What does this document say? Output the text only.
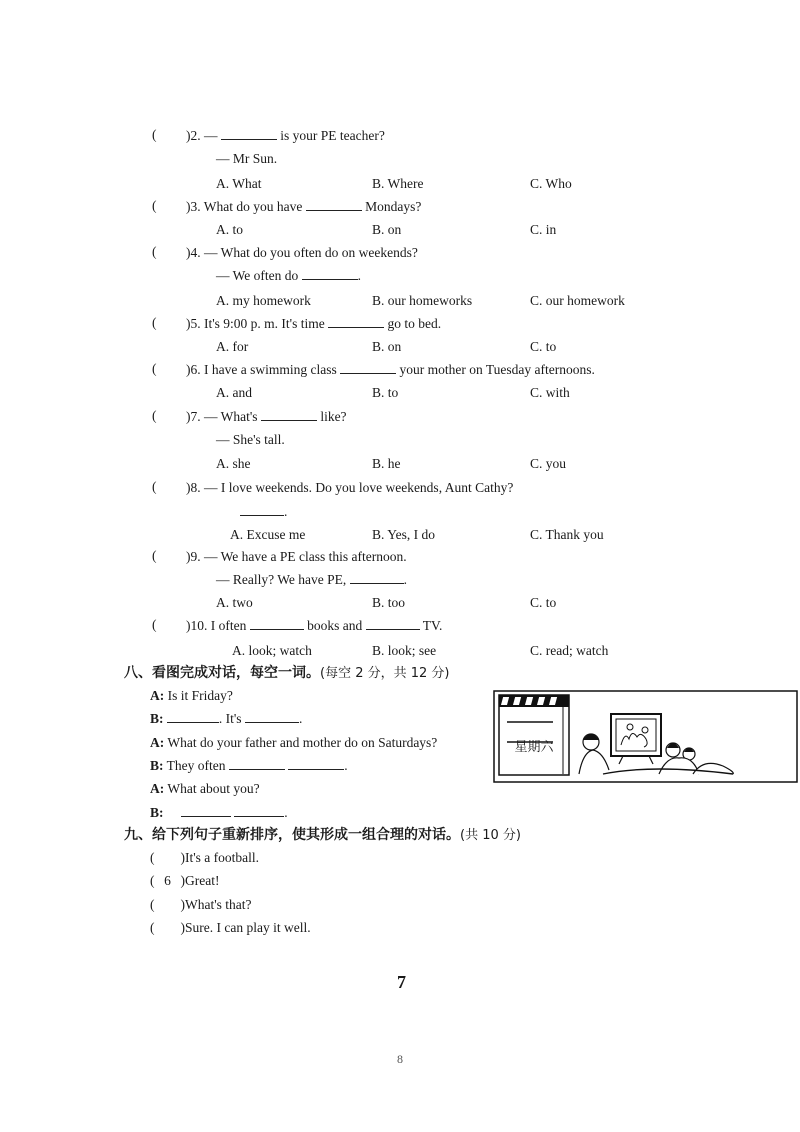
( )2. —	is your PE teacher?
— Mr Sun.
A. What	B. Where	C. Who
( )3. What do you have	Mondays?
A. to	B. on	C. in
( )4. — What do you often do on weekends?
— We often do	.
A. my homework	B. our homeworks	C. our homework
( )5. It's 9:00 p. m. It's time	go to bed.
A. for	B. on	C. to
( )6. I have a swimming class	your mother on Tuesday afternoons.
A. and	B. to	C. with
( )7. — What's	like?
— She's tall.
A. she	B. he	C. you
( )8. — I love weekends. Do you love weekends, Aunt Cathy?
.
A. Excuse me	B. Yes, I do	C. Thank you
( )9. — We have a PE class this afternoon.
— Really? We have PE,	.
A. two	B. too	C. to
( )10. I often	books and	TV.
A. look; watch	B. look; see	C. read; watch
八、看图完成对话，每空一词。(每空 2 分，共 12 分)
A: Is it Friday?
B:	. It's	.
A: What do your father and mother do on Saturdays?
B: They often	.
A: What about you?
B:	.
星期六
九、给下列句子重新排序，使其形成一组合理的对话。(共 10 分)
( )It's a football.
(6)Great!
( )What's that?
( )Sure. I can play it well.
7
8
